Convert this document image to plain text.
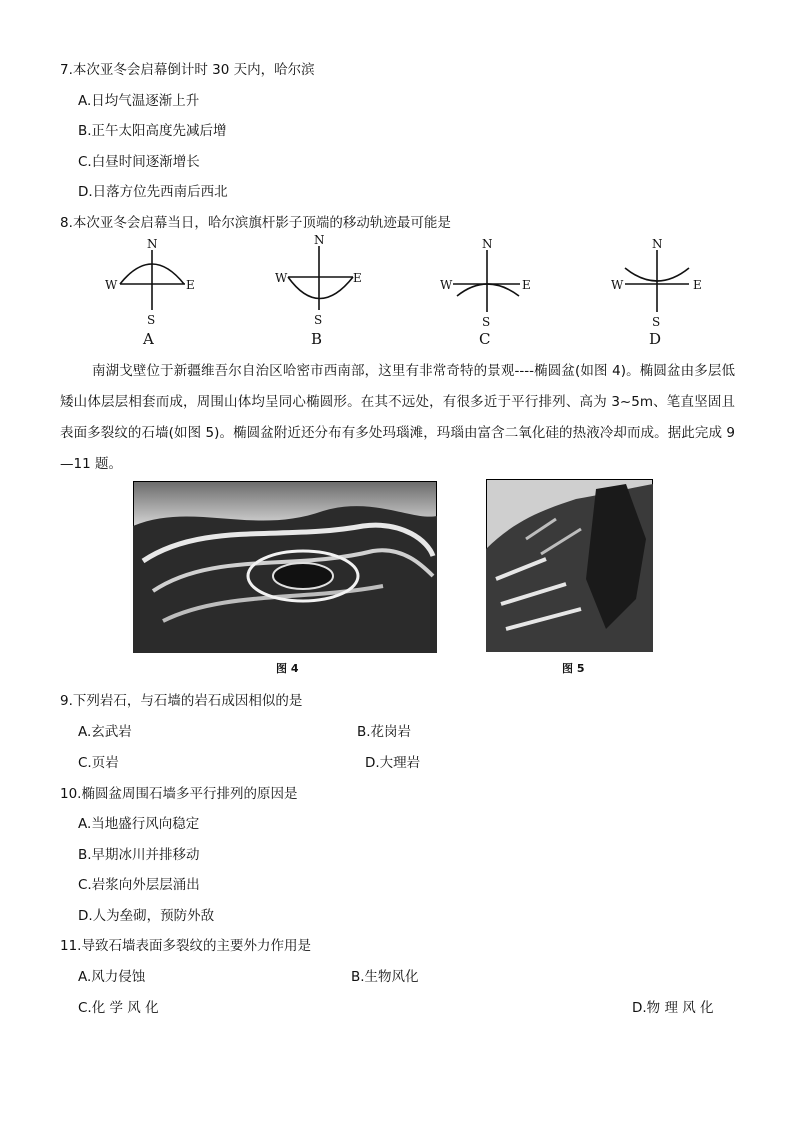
7.本次亚冬会启幕倒计时 30 天内，哈尔滨
A.日均气温逐渐上升
B.正午太阳高度先减后增
C.白昼时间逐渐增长
D.日落方位先西南后西北
8.本次亚冬会启幕当日，哈尔滨旗杆影子顶端的移动轨迹最可能是
N
W	E
S
A
N
W	E
S
B
N
W	E
S
C
N
W	E
S
D
南湖戈壁位于新疆维吾尔自治区哈密市西南部，这里有非常奇特的景观----椭圆盆(如图 4)。椭圆盆由多层低矮山体层层相套而成，周围山体均呈同心椭圆形。在其不远处，有很多近于平行排列、高为 3~5m、笔直坚固且表面多裂纹的石墙(如图 5)。椭圆盆附近还分布有多处玛瑙滩，玛瑙由富含二氧化硅的热液冷却而成。据此完成 9—11 题。
图 4	图 5
9.下列岩石，与石墙的岩石成因相似的是
A.玄武岩	B.花岗岩
C.页岩	D.大理岩
10.椭圆盆周围石墙多平行排列的原因是
A.当地盛行风向稳定
B.早期冰川并排移动
C.岩浆向外层层涌出
D.人为垒砌，预防外敌
11.导致石墙表面多裂纹的主要外力作用是
A.风力侵蚀	B.生物风化
C.化 学 风 化	D.物 理 风 化
